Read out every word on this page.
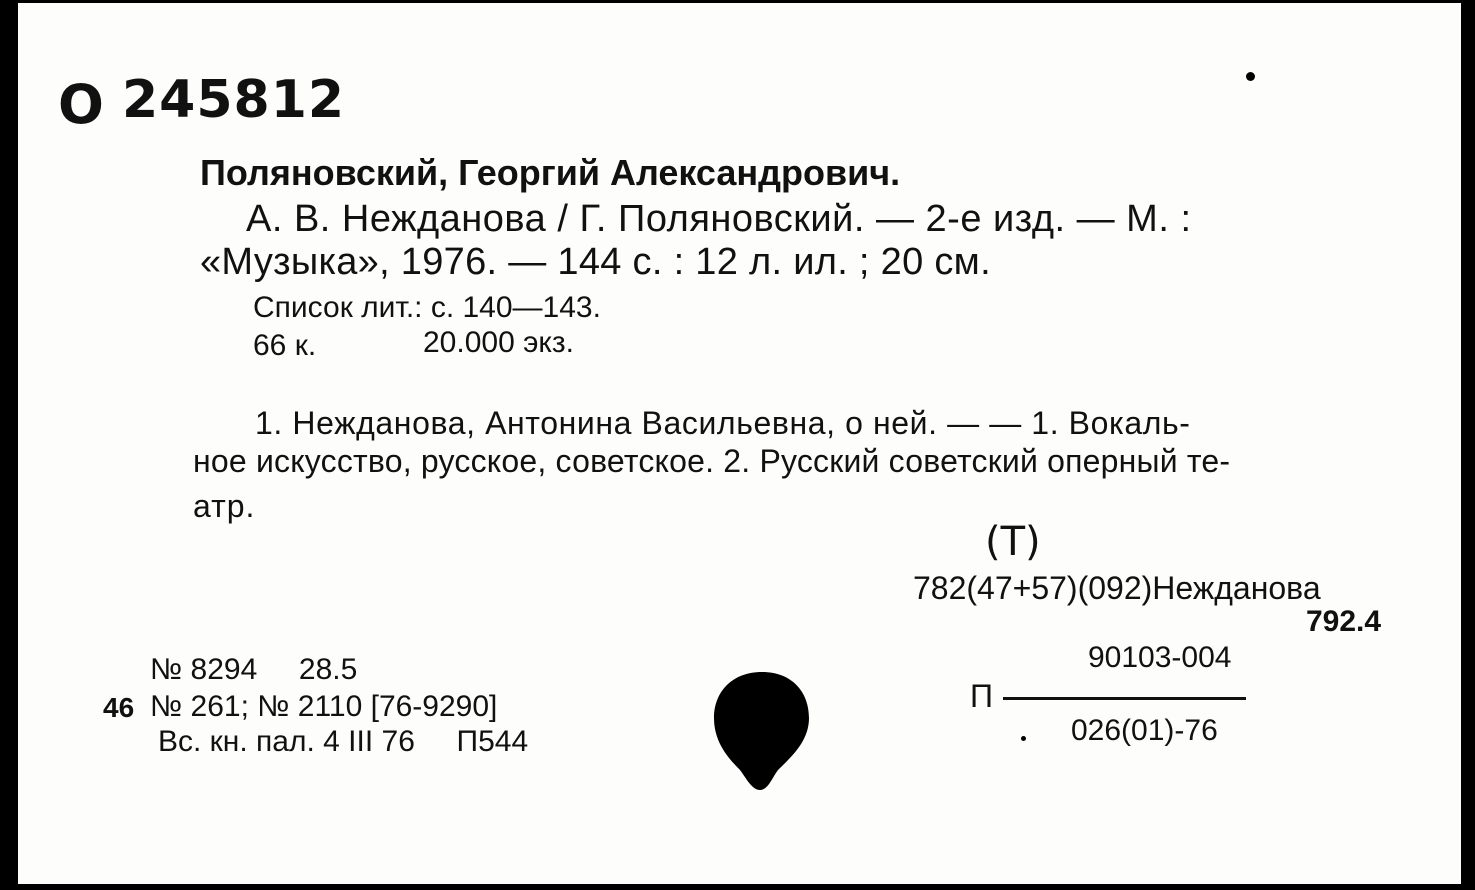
O 245812
Поляновский, Георгий Александрович.
А. В. Нежданова / Г. Поляновский. — 2-е изд. — М. :
«Музыка», 1976. — 144 с. : 12 л. ил. ; 20 см.
Список лит.: с. 140—143.
66 к.	20.000 экз.
1. Нежданова, Антонина Васильевна, о ней. — — 1. Вокаль-
ное искусство, русское, советское. 2. Русский советский оперный те-
атр.
(Т)
782(47+57)(092)Нежданова
792.4
90103-004
П
026(01)-76
№ 8294     28.5
46 № 261; № 2110 [76-9290]
Вс. кн. пал. 4 III 76     П544
